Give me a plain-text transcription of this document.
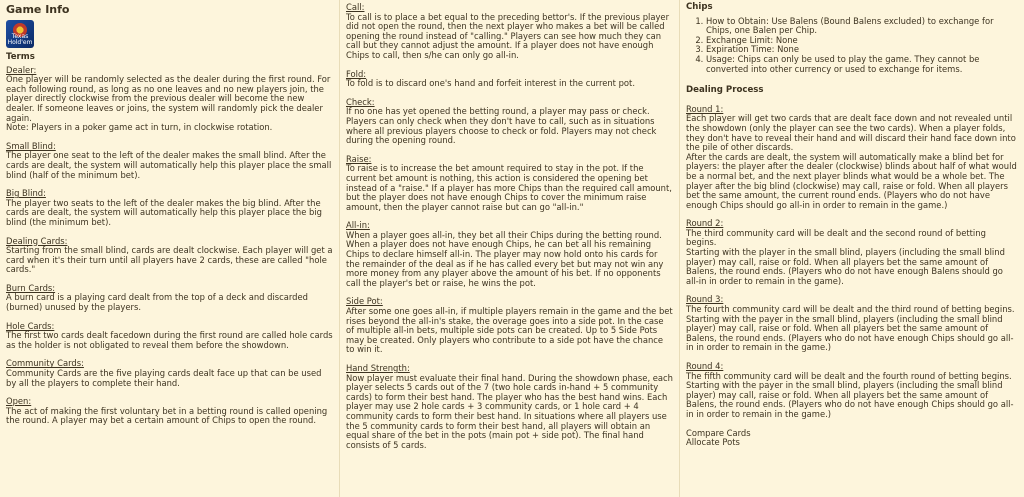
Game Info
Texas Hold'em
Terms
Dealer:

One player will be randomly selected as the dealer during the first round. For each following round, as long as no one leaves and no new players join, the player directly clockwise from the previous dealer will become the new dealer. If someone leaves or joins, the system will randomly pick the dealer again.
Note: Players in a poker game act in turn, in clockwise rotation.

Small Blind:

The player one seat to the left of the dealer makes the small blind. After the cards are dealt, the system will automatically help this player place the small blind (half of the minimum bet).

Big Blind:

The player two seats to the left of the dealer makes the big blind. After the cards are dealt, the system will automatically help this player place the big blind (the minimum bet).

Dealing Cards:

Starting from the small blind, cards are dealt clockwise. Each player will get a card when it's their turn until all players have 2 cards, these are called "hole cards."

Burn Cards:

A burn card is a playing card dealt from the top of a deck and discarded (burned) unused by the players.

Hole Cards:

The first two cards dealt facedown during the first round are called hole cards as the holder is not obligated to reveal them before the showdown.

Community Cards:

Community Cards are the five playing cards dealt face up that can be used by all the players to complete their hand.

Open:

The act of making the first voluntary bet in a betting round is called opening the round. A player may bet a certain amount of Chips to open the round.

Call:

To call is to place a bet equal to the preceding bettor's. If the previous player did not open the round, then the next player who makes a bet will be called opening the round instead of "calling." Players can see how much they can call but they cannot adjust the amount. If a player does not have enough Chips to call, then s/he can only go all-in.

Fold:

To fold is to discard one's hand and forfeit interest in the current pot.

Check:

If no one has yet opened the betting round, a player may pass or check. Players can only check when they don't have to call, such as in situations where all previous players choose to check or fold. Players may not check during the opening round.

Raise:

To raise is to increase the bet amount required to stay in the pot. If the current bet amount is nothing, this action is considered the opening bet instead of a "raise." If a player has more Chips than the required call amount, but the player does not have enough Chips to cover the minimum raise amount, then the player cannot raise but can go "all-in."

All-in:

When a player goes all-in, they bet all their Chips during the betting round. When a player does not have enough Chips, he can bet all his remaining Chips to declare himself all-in. The player may now hold onto his cards for the remainder of the deal as if he has called every bet but may not win any more money from any player above the amount of his bet. If no opponents call the player's bet or raise, he wins the pot.

Side Pot:

After some one goes all-in, if multiple players remain in the game and the bet rises beyond the all-in's stake, the overage goes into a side pot. In the case of multiple all-in bets, multiple side pots can be created. Up to 5 Side Pots may be created. Only players who contribute to a side pot have the chance to win it.

Hand Strength:

Now player must evaluate their final hand. During the showdown phase, each player selects 5 cards out of the 7 (two hole cards in-hand + 5 community cards) to form their best hand. The player who has the best hand wins. Each player may use 2 hole cards + 3 community cards, or 1 hole card + 4 community cards to form their best hand. In situations where all players use the 5 community cards to form their best hand, all players will obtain an equal share of the bet in the pots (main pot + side pot). The final hand consists of 5 cards.

Chips
1. How to Obtain: Use Balens (Bound Balens excluded) to exchange for Chips, one Balen per Chip.
2. Exchange Limit: None
3. Expiration Time: None
4. Usage: Chips can only be used to play the game. They cannot be converted into other currency or used to exchange for items.
Dealing Process
Round 1:

Each player will get two cards that are dealt face down and not revealed until the showdown (only the player can see the two cards). When a player folds, they don't have to reveal their hand and will discard their hand face down into the pile of other discards.
After the cards are dealt, the system will automatically make a blind bet for players: the player after the dealer (clockwise) blinds about half of what would be a normal bet, and the next player blinds what would be a whole bet. The player after the big blind (clockwise) may call, raise or fold. When all players bet the same amount, the current round ends. (Players who do not have enough Chips should go all-in in order to remain in the game.)

Round 2:

The third community card will be dealt and the second round of betting begins.
Starting with the player in the small blind, players (including the small blind player) may call, raise or fold. When all players bet the same amount of Balens, the round ends. (Players who do not have enough Balens should go all-in in order to remain in the game).

Round 3:

The fourth community card will be dealt and the third round of betting begins.
Starting with the payer in the small blind, players (including the small blind player) may call, raise or fold. When all players bet the same amount of Balens, the round ends. (Players who do not have enough Chips should go all-in in order to remain in the game.)

Round 4:

The fifth community card will be dealt and the fourth round of betting begins.
Starting with the payer in the small blind, players (including the small blind player) may call, raise or fold. When all players bet the same amount of Balens, the round ends. (Players who do not have enough Chips should go all-in in order to remain in the game.)

Compare Cards
Allocate Pots
